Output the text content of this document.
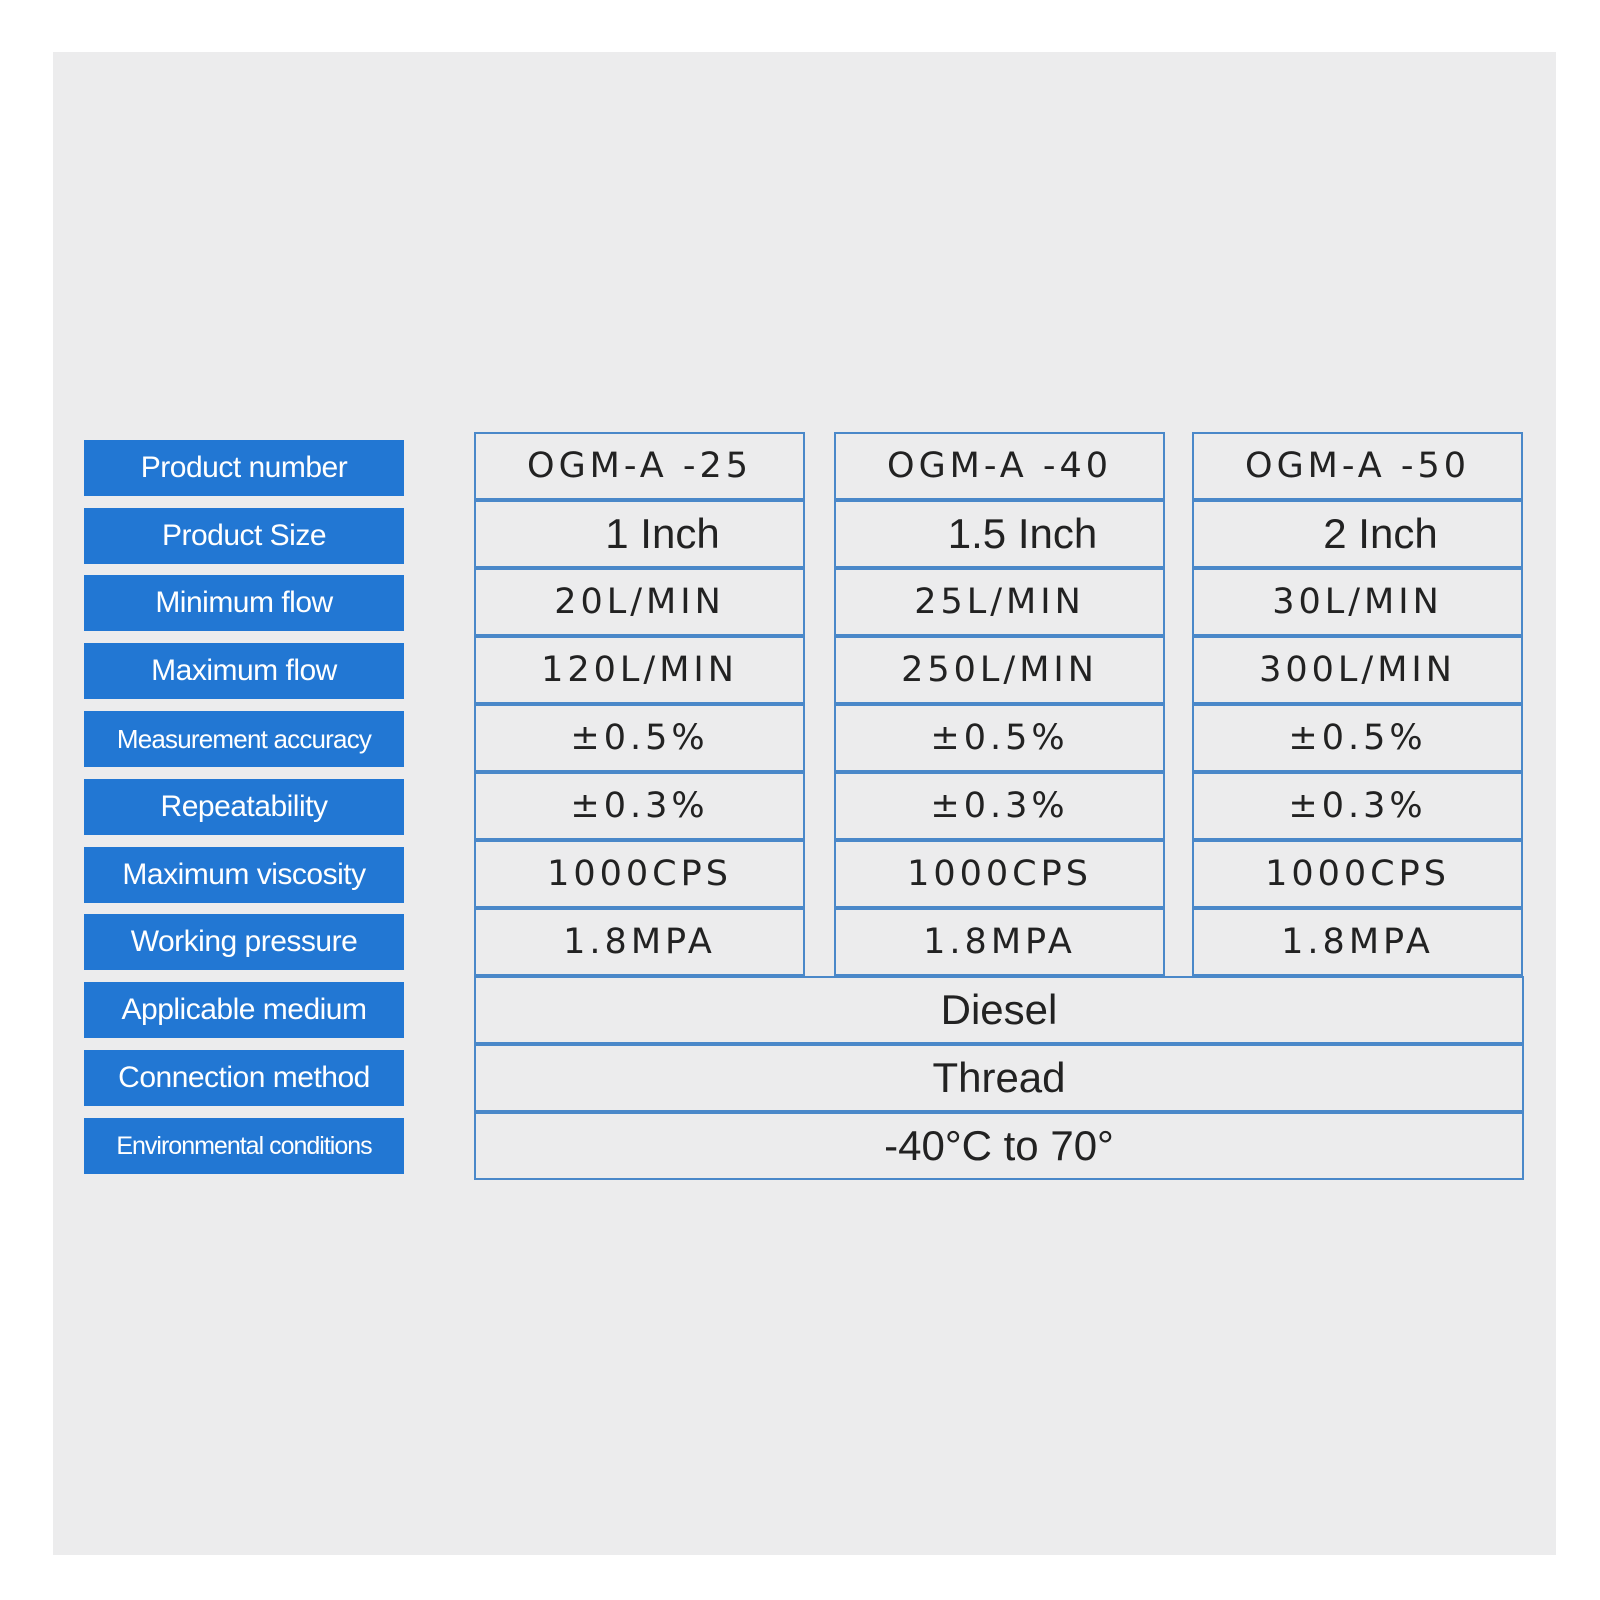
Product number
Product Size
Minimum flow
Maximum flow
Measurement accuracy
Repeatability
Maximum viscosity
Working pressure
Applicable medium
Connection method
Environmental conditions
OGM-A -25
1 Inch
20L/MIN
120L/MIN
±0.5%
±0.3%
1000CPS
1.8MPA
OGM-A -40
1.5 Inch
25L/MIN
250L/MIN
±0.5%
±0.3%
1000CPS
1.8MPA
OGM-A -50
2 Inch
30L/MIN
300L/MIN
±0.5%
±0.3%
1000CPS
1.8MPA
Diesel
Thread
-40°C to 70°
